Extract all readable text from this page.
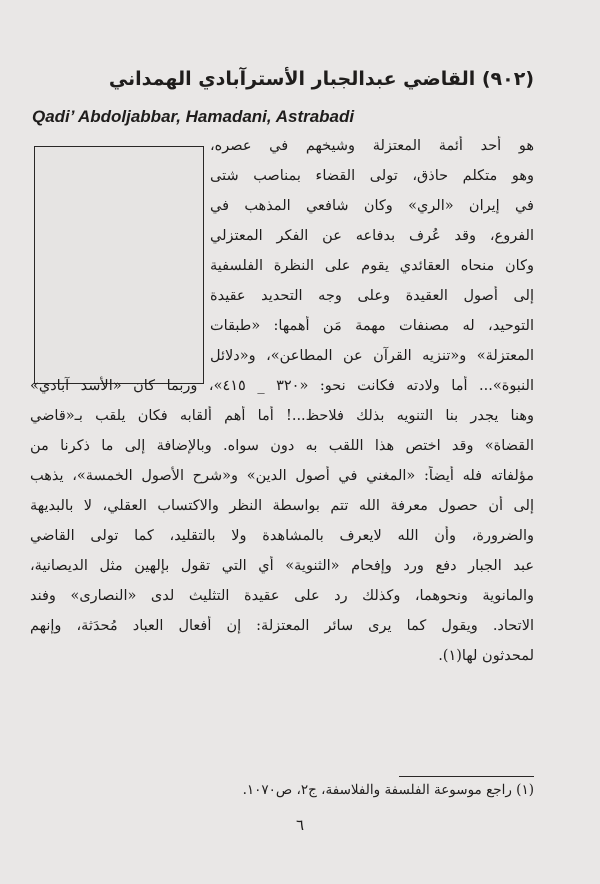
(٩٠٢) القاضي عبدالجبار الأسترآبادي الهمداني

Qadi’ Abdoljabbar, Hamadani, Astrabadi

هو أحد أئمة المعتزلة وشيخهم في عصره،

وهو متكلم حاذق، تولى القضاء بمناصب شتى

في إيران «الري» وكان شافعي المذهب في

الفروع، وقد عُرف بدفاعه عن الفكر المعتزلي

وكان منحاه العقائدي يقوم على النظرة الفلسفية

إلى أصول العقيدة وعلى وجه التحديد عقيدة

التوحيد، له مصنفات مهمة مَن أهمها: «طبقات

المعتزلة» و«تنزيه القرآن عن المطاعن»، و«دلائل

النبوة»... أما ولادته فكانت نحو: «٣٢٠ _ ٤١٥»، وربما كان «الأسد آبادي»

وهنا يجدر بنا التنويه بذلك فلاحظ...! أما أهم ألقابه فكان يلقب بـ«قاضي

القضاة» وقد اختص هذا اللقب به دون سواه. وبالإضافة إلى ما ذكرنا من

مؤلفاته فله أيضاً: «المغني في أصول الدين» و«شرح الأصول الخمسة»، يذهب

إلى أن حصول معرفة الله تتم بواسطة النظر والاكتساب العقلي، لا بالبديهة

والضرورة، وأن الله لايعرف بالمشاهدة ولا بالتقليد، كما تولى القاضي

عبد الجبار دفع ورد وإفحام «الثنوية» أي التي تقول بإلهين مثل الديصانية،

والمانوية ونحوهما، وكذلك رد على عقيدة التثليث لدى «النصارى» وفند

الاتحاد. ويقول كما يرى سائر المعتزلة: إن أفعال العباد مُحدَثة، وإنهم

لمحدثون لها(١).

(١) راجع موسوعة الفلسفة والفلاسفة، ج٢، ص١٠٧٠.

٦
